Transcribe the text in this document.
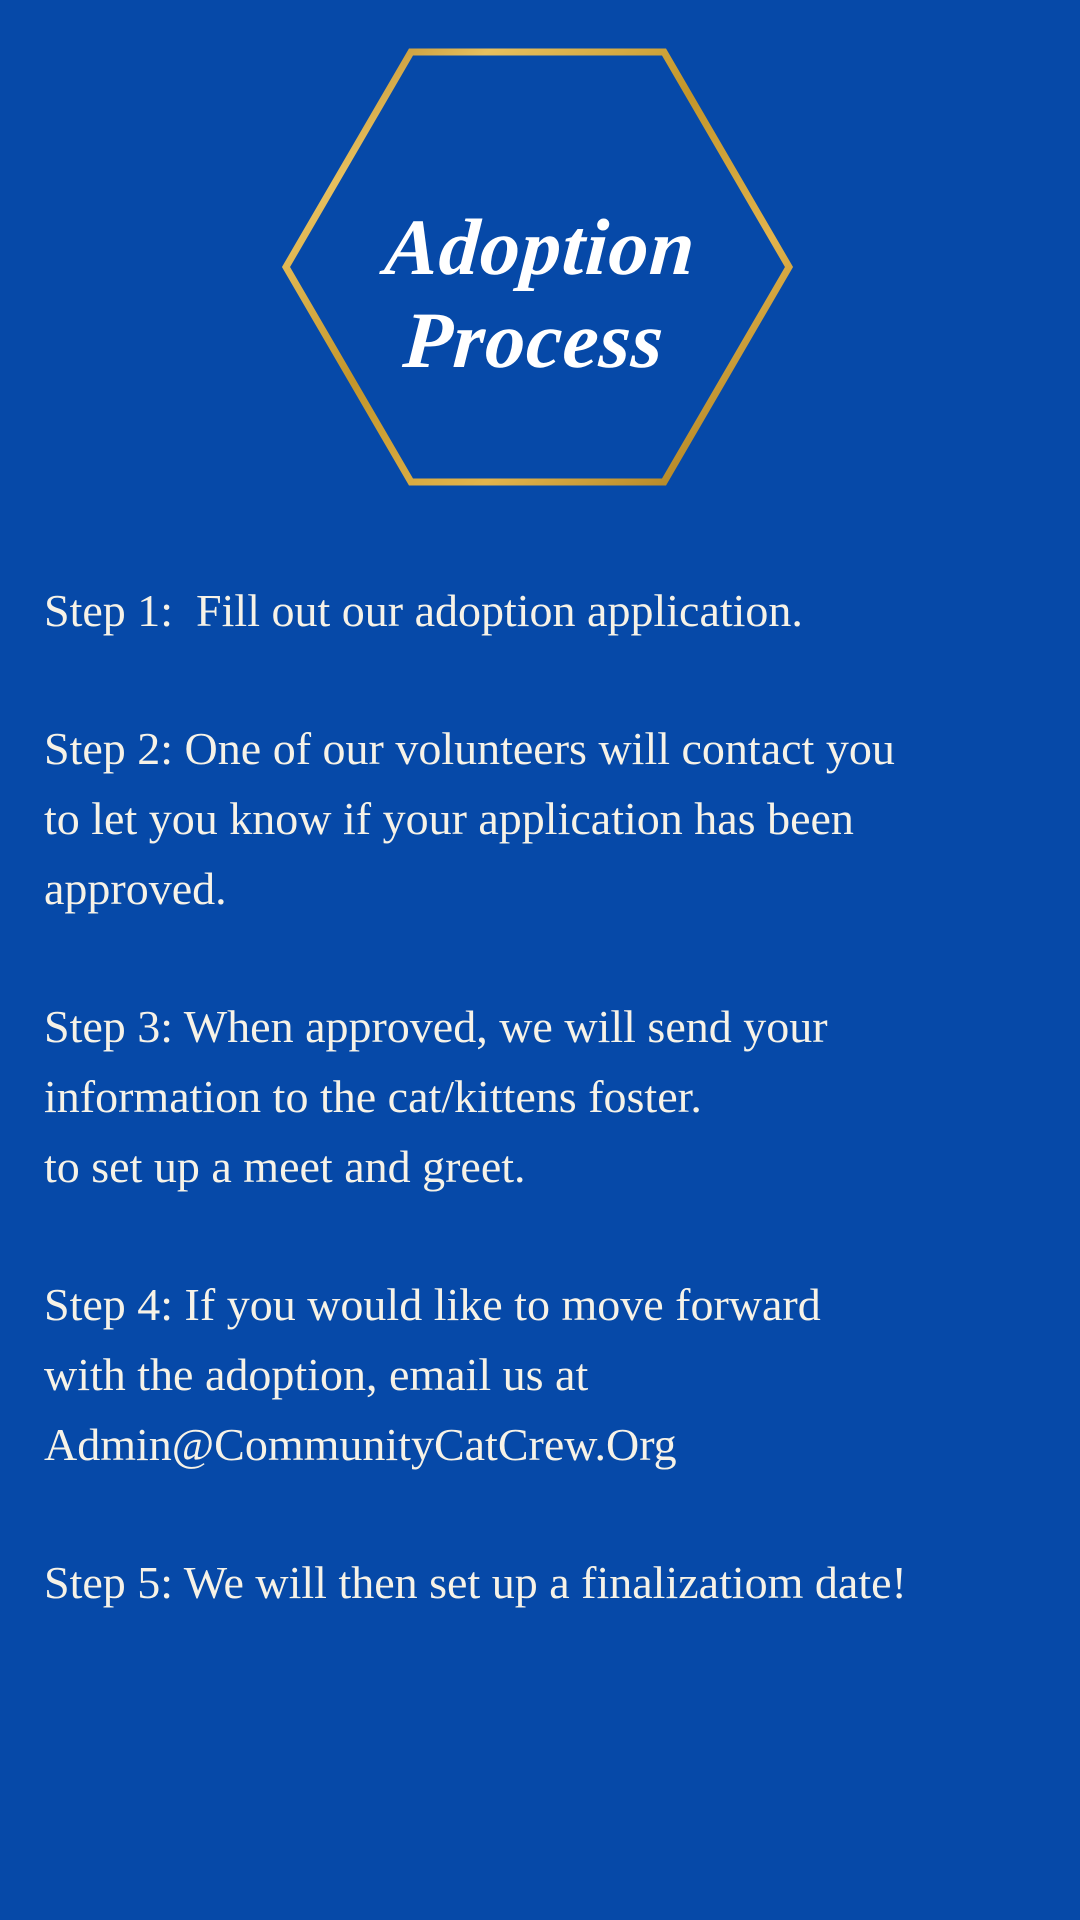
Adoption
Process

Step 1:  Fill out our adoption application.

Step 2: One of our volunteers will contact you
to let you know if your application has been
approved.

Step 3: When approved, we will send your
information to the cat/kittens foster.
to set up a meet and greet.

Step 4: If you would like to move forward
with the adoption, email us at
Admin@CommunityCatCrew.Org

Step 5: We will then set up a finalizatiom date!
